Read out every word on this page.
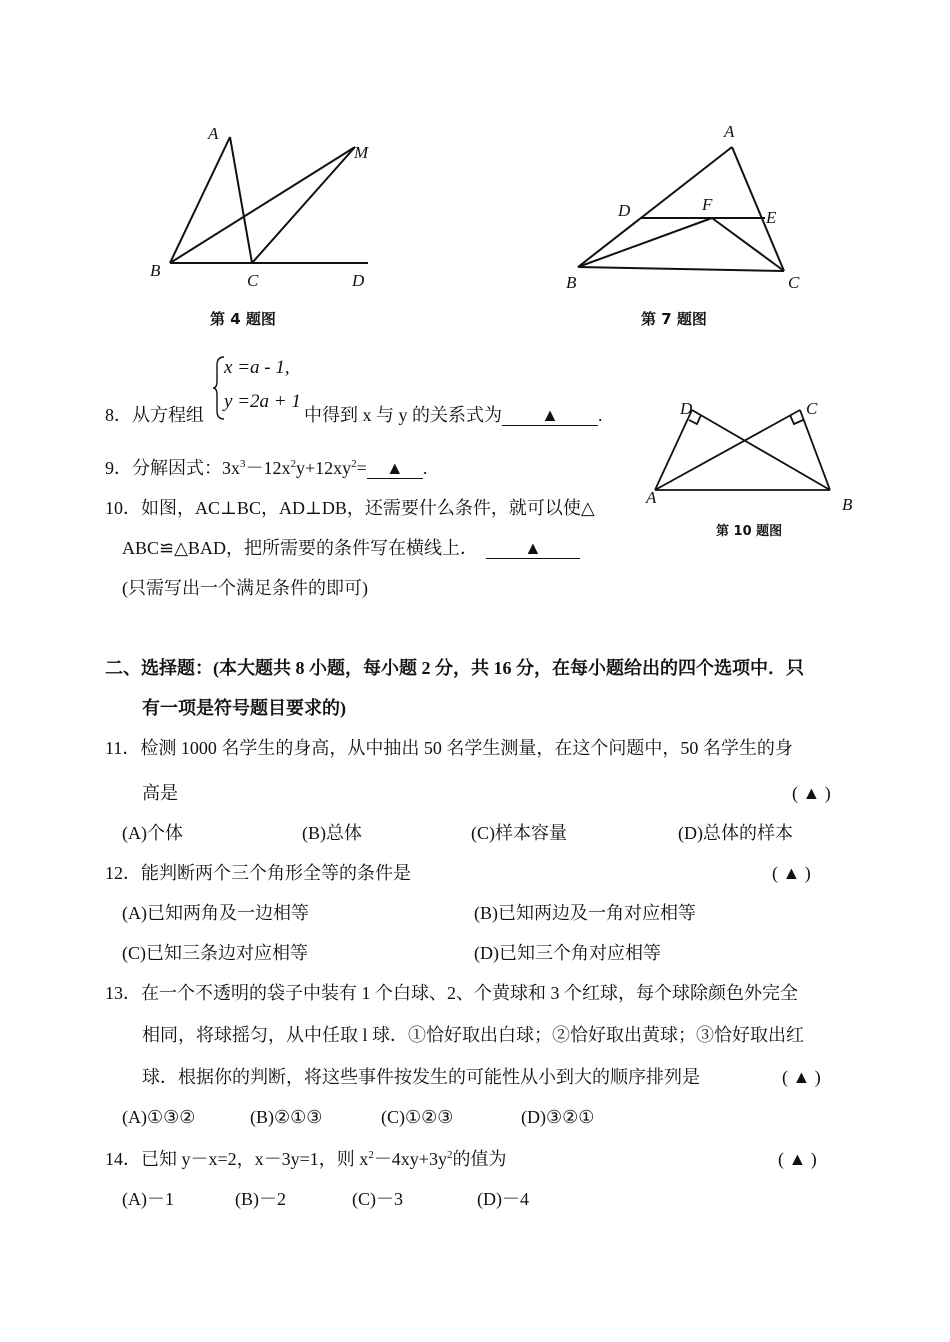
A
M
B
C	D
第 4 题图
A
D	F
E
B	C
第 7 题图
D	C
A	B
第 10 题图
x =a - 1,
y =2a + 1
8．从方程组	中得到 x 与 y 的关系式为 ▲ .
9．分解因式：$3x^3-12x^2y+12xy^2=$ ▲ .
10．如图，AC⊥BC，AD⊥DB，还需要什么条件，就可以使△
ABC≌△BAD，把所需要的条件写在横线上．	▲
(只需写出一个满足条件的即可)
二、选择题：(本大题共 8 小题，每小题 2 分，共 16 分，在每小题给出的四个选项中．只
有一项是符号题目要求的)
11．检测 1000 名学生的身高，从中抽出 50 名学生测量，在这个问题中，50 名学生的身
高是	( ▲ )
(A)个体	(B)总体	(C)样本容量	(D)总体的样本
12．能判断两个三个角形全等的条件是	( ▲ )
(A)已知两角及一边相等	(B)已知两边及一角对应相等
(C)已知三条边对应相等	(D)已知三个角对应相等
13．在一个不透明的袋子中装有 1 个白球、2、个黄球和 3 个红球，每个球除颜色外完全
相同，将球摇匀，从中任取 l 球．①恰好取出白球；②恰好取出黄球；③恰好取出红
球．根据你的判断，将这些事件按发生的可能性从小到大的顺序排列是	( ▲ )
(A)①③②	(B)②①③	(C)①②③	(D)③②①
14．已知 y－x=2，x－3y=1，则 $x^2-4xy+3y^2$的值为	( ▲ )
(A)－1	(B)－2	(C)－3	(D)－4
